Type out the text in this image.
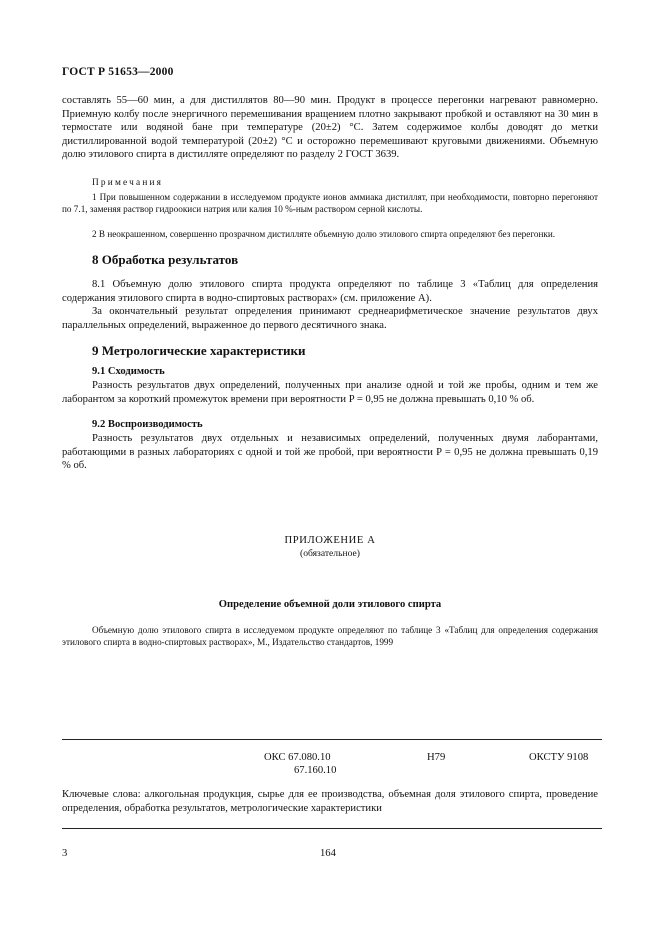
ГОСТ Р 51653—2000
составлять 55—60 мин, а для дистиллятов 80—90 мин. Продукт в процессе перегонки нагревают равномерно. Приемную колбу после энергичного перемешивания вращением плотно закрывают пробкой и оставляют на 30 мин в термостате или водяной бане при температуре (20±2) °С. Затем содержимое колбы доводят до метки дистиллированной водой температурой (20±2) °С и осторожно перемешивают круговыми движениями. Объемную долю этилового спирта в дистилляте определяют по разделу 2 ГОСТ 3639.
Примечания
1 При повышенном содержании в исследуемом продукте ионов аммиака дистиллят, при необходимости, повторно перегоняют по 7.1, заменяя раствор гидроокиси натрия или калия 10 %-ным раствором серной кислоты.
2 В неокрашенном, совершенно прозрачном дистилляте объемную долю этилового спирта определяют без перегонки.
8 Обработка результатов
8.1 Объемную долю этилового спирта продукта определяют по таблице 3 «Таблиц для определения содержания этилового спирта в водно-спиртовых растворах» (см. приложение А).
За окончательный результат определения принимают среднеарифметическое значение результатов двух параллельных определений, выраженное до первого десятичного знака.
9 Метрологические характеристики
9.1 Сходимость
Разность результатов двух определений, полученных при анализе одной и той же пробы, одним и тем же лаборантом за короткий промежуток времени при вероятности P = 0,95 не должна превышать 0,10 % об.
9.2 Воспроизводимость
Разность результатов двух отдельных и независимых определений, полученных двумя лаборантами, работающими в разных лабораториях с одной и той же пробой, при вероятности P = 0,95 не должна превышать 0,19 % об.
ПРИЛОЖЕНИЕ А
(обязательное)
Определение объемной доли этилового спирта
Объемную долю этилового спирта в исследуемом продукте определяют по таблице 3 «Таблиц для определения содержания этилового спирта в водно-спиртовых растворах», М., Издательство стандартов, 1999
ОКС 67.080.10
67.160.10
Н79	ОКСТУ 9108
Ключевые слова: алкогольная продукция, сырье для ее производства, объемная доля этилового спирта, проведение определения, обработка результатов, метрологические характеристики
3	164
